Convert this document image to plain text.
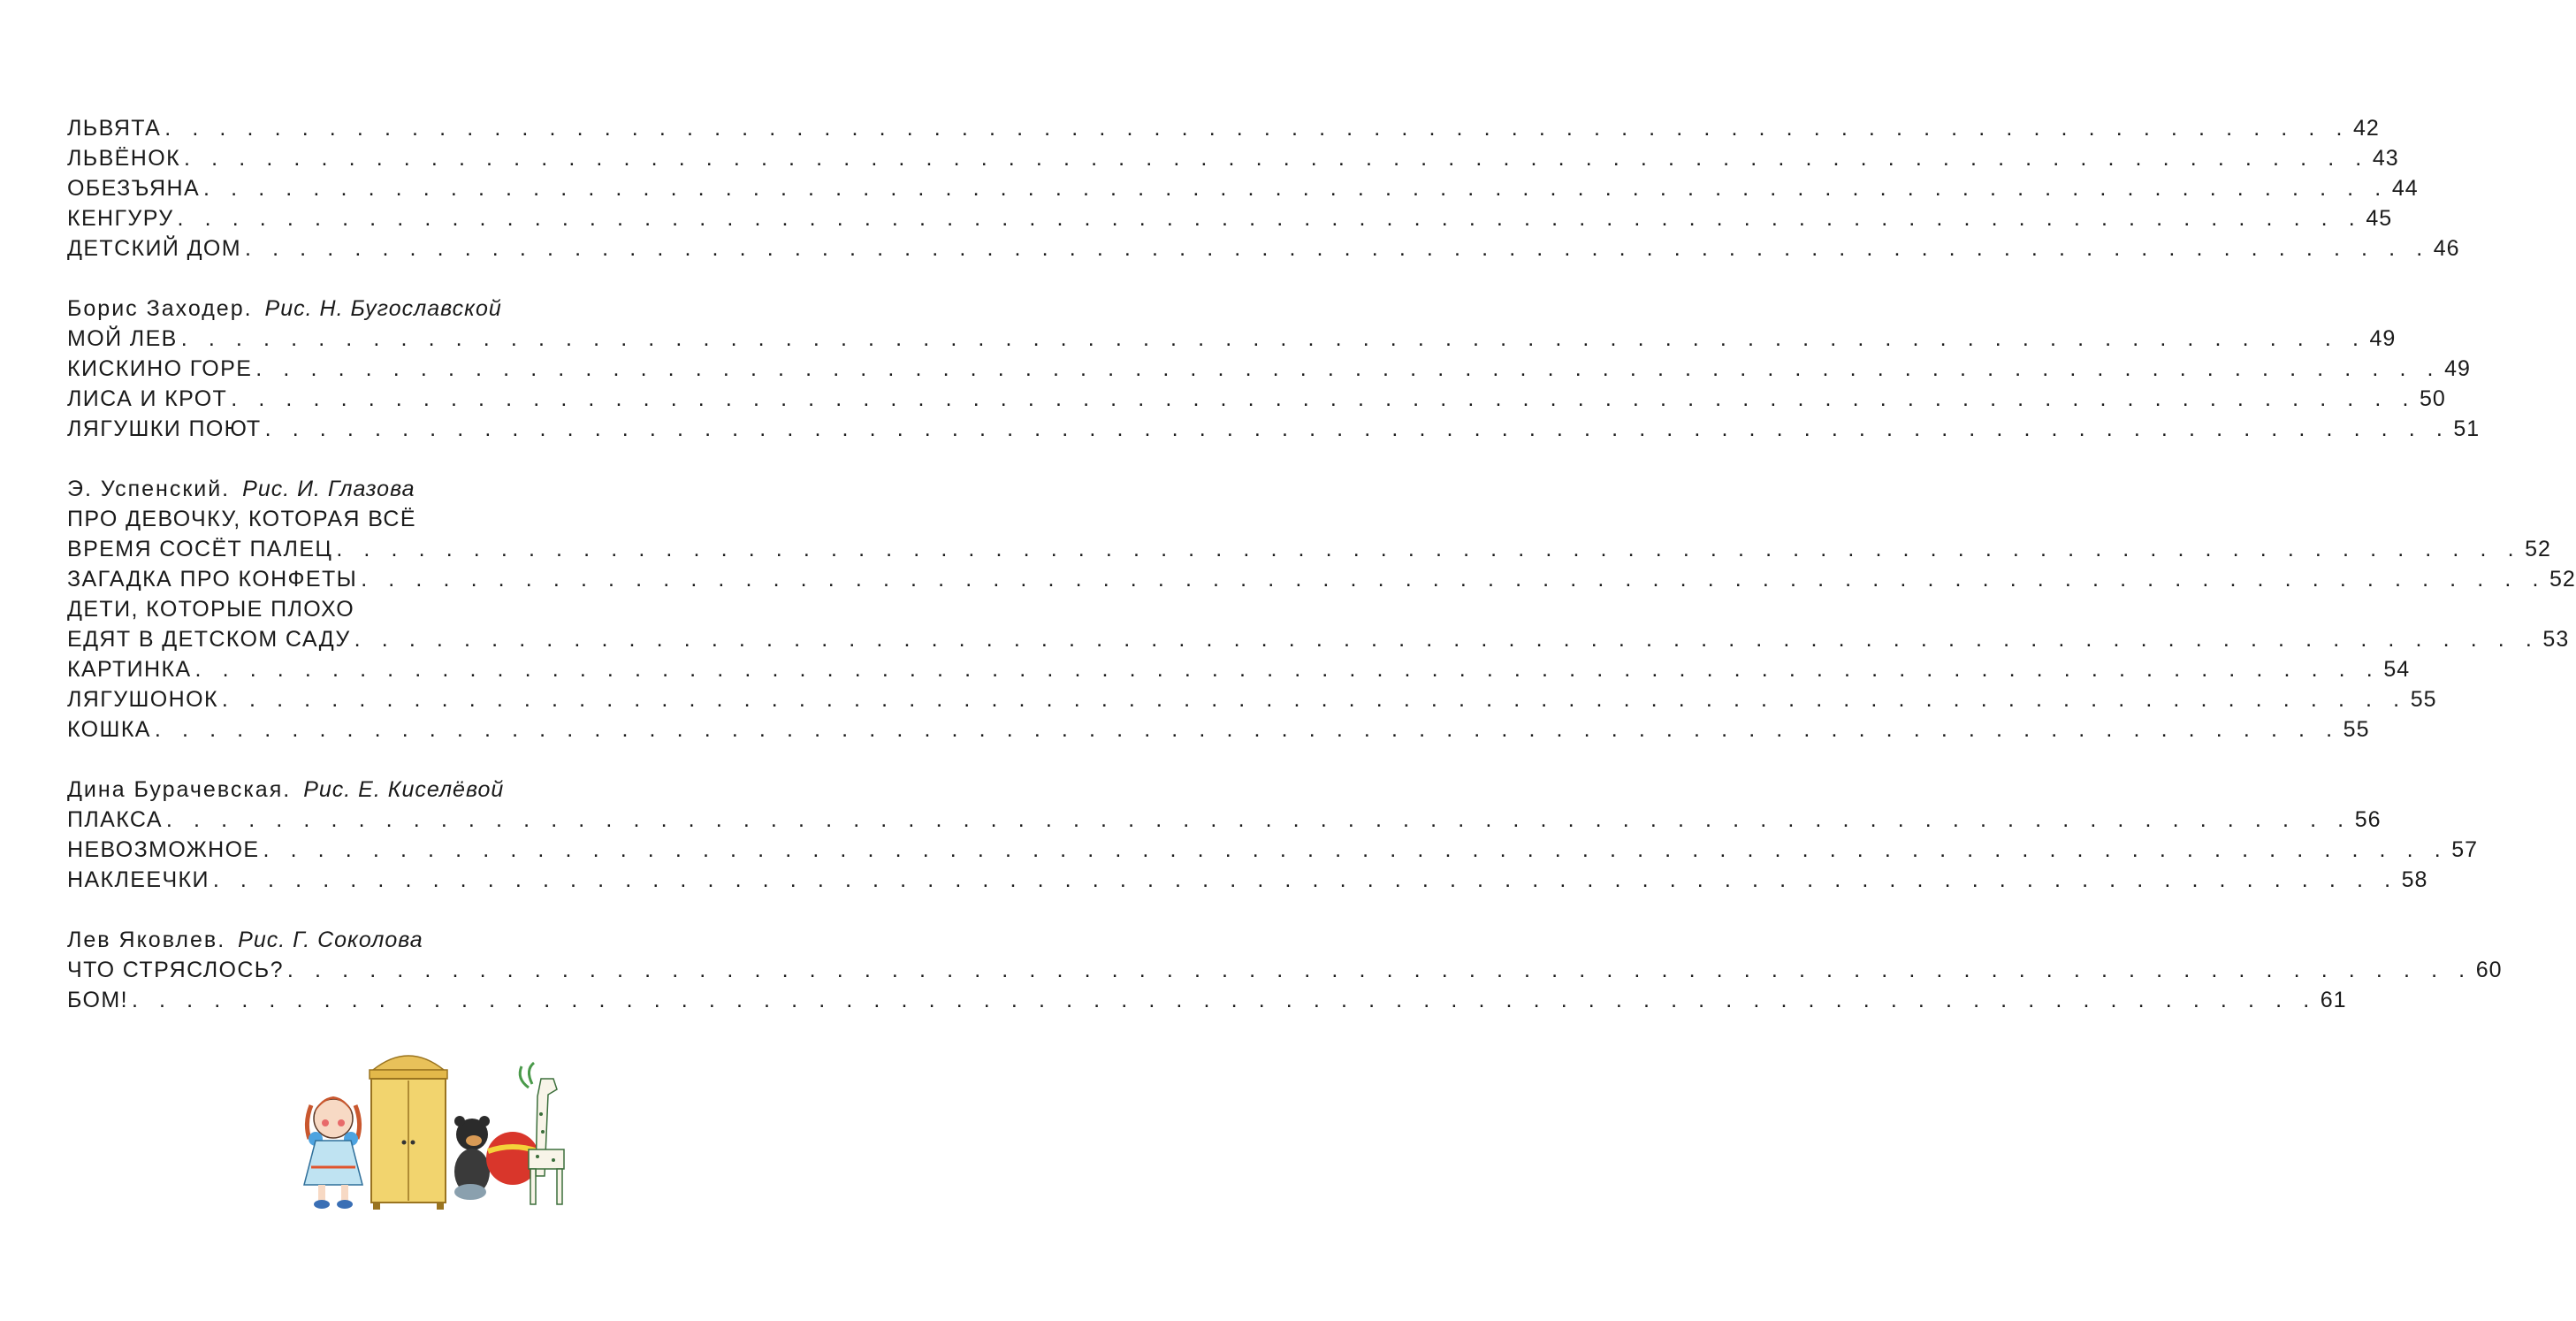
ЛЬВЯТА . . . . . . . . . . . . . . . . . . . . . . . . . . . . . . . . . . . . . . . . . . . . . . . . . . . . . . . . . . . . . . . . . . . . . . . . . . . . . . . . 42
ЛЬВЁНОК . . . . . . . . . . . . . . . . . . . . . . . . . . . . . . . . . . . . . . . . . . . . . . . . . . . . . . . . . . . . . . . . . . . . . . . . . . . . . . . . 43
ОБЕЗЪЯНА . . . . . . . . . . . . . . . . . . . . . . . . . . . . . . . . . . . . . . . . . . . . . . . . . . . . . . . . . . . . . . . . . . . . . . . . . . . . . . . . 44
КЕНГУРУ . . . . . . . . . . . . . . . . . . . . . . . . . . . . . . . . . . . . . . . . . . . . . . . . . . . . . . . . . . . . . . . . . . . . . . . . . . . . . . . . 45
ДЕТСКИЙ ДОМ . . . . . . . . . . . . . . . . . . . . . . . . . . . . . . . . . . . . . . . . . . . . . . . . . . . . . . . . . . . . . . . . . . . . . . . . . . . . . . . . 46
Борис Заходер. Рис. Н. Бугославской
МОЙ ЛЕВ . . . . . . . . . . . . . . . . . . . . . . . . . . . . . . . . . . . . . . . . . . . . . . . . . . . . . . . . . . . . . . . . . . . . . . . . . . . . . . . . 49
КИСКИНО ГОРЕ . . . . . . . . . . . . . . . . . . . . . . . . . . . . . . . . . . . . . . . . . . . . . . . . . . . . . . . . . . . . . . . . . . . . . . . . . . . . . . . . 49
ЛИСА И КРОТ . . . . . . . . . . . . . . . . . . . . . . . . . . . . . . . . . . . . . . . . . . . . . . . . . . . . . . . . . . . . . . . . . . . . . . . . . . . . . . . . 50
ЛЯГУШКИ ПОЮТ . . . . . . . . . . . . . . . . . . . . . . . . . . . . . . . . . . . . . . . . . . . . . . . . . . . . . . . . . . . . . . . . . . . . . . . . . . . . . . . . 51
Э. Успенский. Рис. И. Глазова
ПРО ДЕВОЧКУ, КОТОРАЯ ВСЁ
ВРЕМЯ СОСЁТ ПАЛЕЦ . . . . . . . . . . . . . . . . . . . . . . . . . . . . . . . . . . . . . . . . . . . . . . . . . . . . . . . . . . . . . . . . . . . . . . . . . . . . . . . . 52
ЗАГАДКА ПРО КОНФЕТЫ . . . . . . . . . . . . . . . . . . . . . . . . . . . . . . . . . . . . . . . . . . . . . . . . . . . . . . . . . . . . . . . . . . . . . . . . . . . . . . . . 52
ДЕТИ, КОТОРЫЕ ПЛОХО
ЕДЯТ В ДЕТСКОМ САДУ . . . . . . . . . . . . . . . . . . . . . . . . . . . . . . . . . . . . . . . . . . . . . . . . . . . . . . . . . . . . . . . . . . . . . . . . . . . . . . . . 53
КАРТИНКА . . . . . . . . . . . . . . . . . . . . . . . . . . . . . . . . . . . . . . . . . . . . . . . . . . . . . . . . . . . . . . . . . . . . . . . . . . . . . . . . 54
ЛЯГУШОНОК . . . . . . . . . . . . . . . . . . . . . . . . . . . . . . . . . . . . . . . . . . . . . . . . . . . . . . . . . . . . . . . . . . . . . . . . . . . . . . . . 55
КОШКА . . . . . . . . . . . . . . . . . . . . . . . . . . . . . . . . . . . . . . . . . . . . . . . . . . . . . . . . . . . . . . . . . . . . . . . . . . . . . . . . 55
Дина Бурачевская. Рис. Е. Киселёвой
ПЛАКСА . . . . . . . . . . . . . . . . . . . . . . . . . . . . . . . . . . . . . . . . . . . . . . . . . . . . . . . . . . . . . . . . . . . . . . . . . . . . . . . . 56
НЕВОЗМОЖНОЕ . . . . . . . . . . . . . . . . . . . . . . . . . . . . . . . . . . . . . . . . . . . . . . . . . . . . . . . . . . . . . . . . . . . . . . . . . . . . . . . . 57
НАКЛЕЕЧКИ . . . . . . . . . . . . . . . . . . . . . . . . . . . . . . . . . . . . . . . . . . . . . . . . . . . . . . . . . . . . . . . . . . . . . . . . . . . . . . . . 58
Лев Яковлев. Рис. Г. Соколова
ЧТО СТРЯСЛОСЬ? . . . . . . . . . . . . . . . . . . . . . . . . . . . . . . . . . . . . . . . . . . . . . . . . . . . . . . . . . . . . . . . . . . . . . . . . . . . . . . . . 60
БОМ! . . . . . . . . . . . . . . . . . . . . . . . . . . . . . . . . . . . . . . . . . . . . . . . . . . . . . . . . . . . . . . . . . . . . . . . . . . . . . . . . 61
